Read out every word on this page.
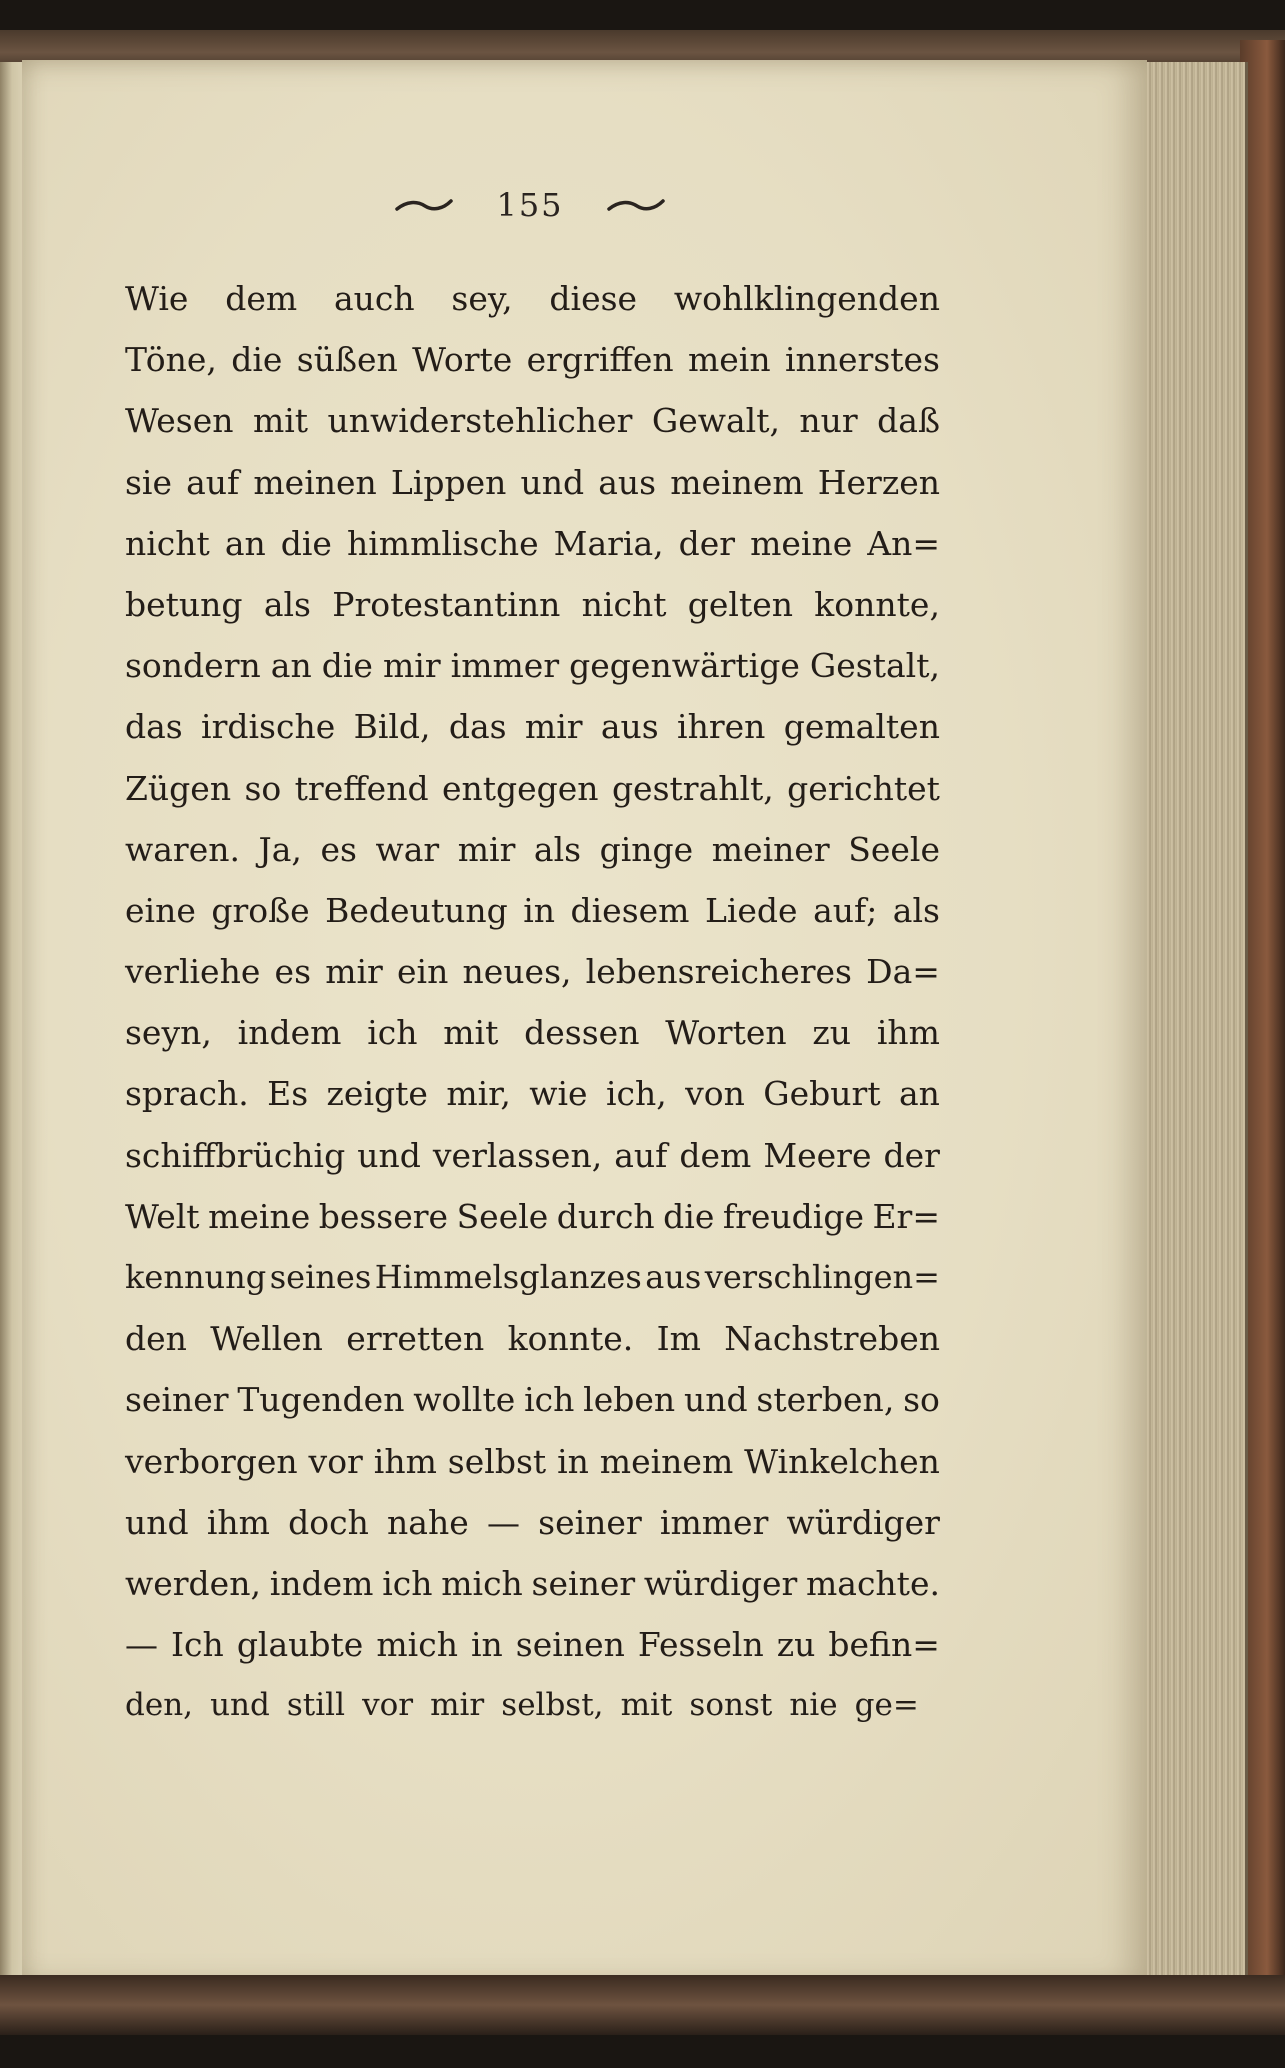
155
Wie dem auch sey, diese wohlklingenden
Töne, die süßen Worte ergriffen mein innerstes
Wesen mit unwiderstehlicher Gewalt, nur daß
sie auf meinen Lippen und aus meinem Herzen
nicht an die himmlische Maria, der meine An=
betung als Protestantinn nicht gelten konnte,
sondern an die mir immer gegenwärtige Gestalt,
das irdische Bild, das mir aus ihren gemalten
Zügen so treffend entgegen gestrahlt, gerichtet
waren. Ja, es war mir als ginge meiner Seele
eine große Bedeutung in diesem Liede auf; als
verliehe es mir ein neues, lebensreicheres Da=
seyn, indem ich mit dessen Worten zu ihm
sprach. Es zeigte mir, wie ich, von Geburt an
schiffbrüchig und verlassen, auf dem Meere der
Welt meine bessere Seele durch die freudige Er=
kennung seines Himmelsglanzes aus verschlingen=
den Wellen erretten konnte. Im Nachstreben
seiner Tugenden wollte ich leben und sterben, so
verborgen vor ihm selbst in meinem Winkelchen
und ihm doch nahe — seiner immer würdiger
werden, indem ich mich seiner würdiger machte.
— Ich glaubte mich in seinen Fesseln zu befin=
den, und still vor mir selbst, mit sonst nie ge=
